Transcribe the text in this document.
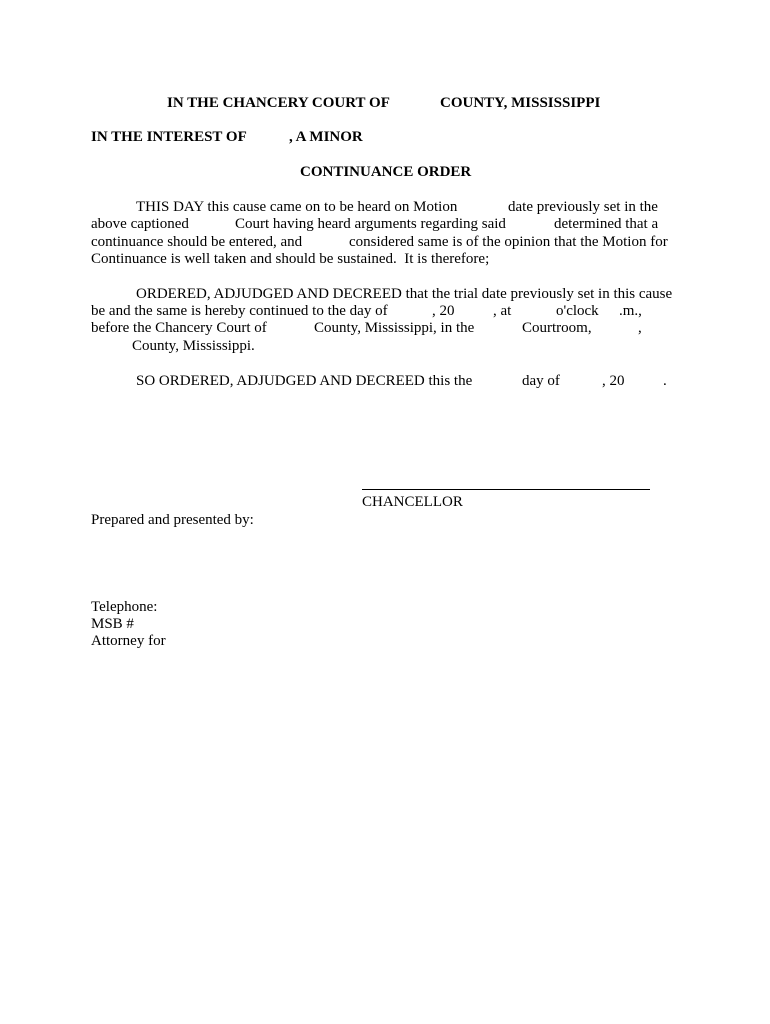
IN THE CHANCERY COURT OF	COUNTY, MISSISSIPPI
IN THE INTEREST OF	, A MINOR
CONTINUANCE ORDER
THIS DAY this cause came on to be heard on Motion	date previously set in the
above captioned	Court having heard arguments regarding said	determined that a
continuance should be entered, and	considered same is of the opinion that the Motion for
Continuance is well taken and should be sustained.  It is therefore;
ORDERED, ADJUDGED AND DECREED that the trial date previously set in this cause
be and the same is hereby continued to the day of	, 20	, at	o'clock .m.,
before the Chancery Court of	County, Mississippi, in the	Courtroom,	,
County, Mississippi.
SO ORDERED, ADJUDGED AND DECREED this the	day of	, 20	.
CHANCELLOR
Prepared and presented by:
Telephone:
MSB #
Attorney for
